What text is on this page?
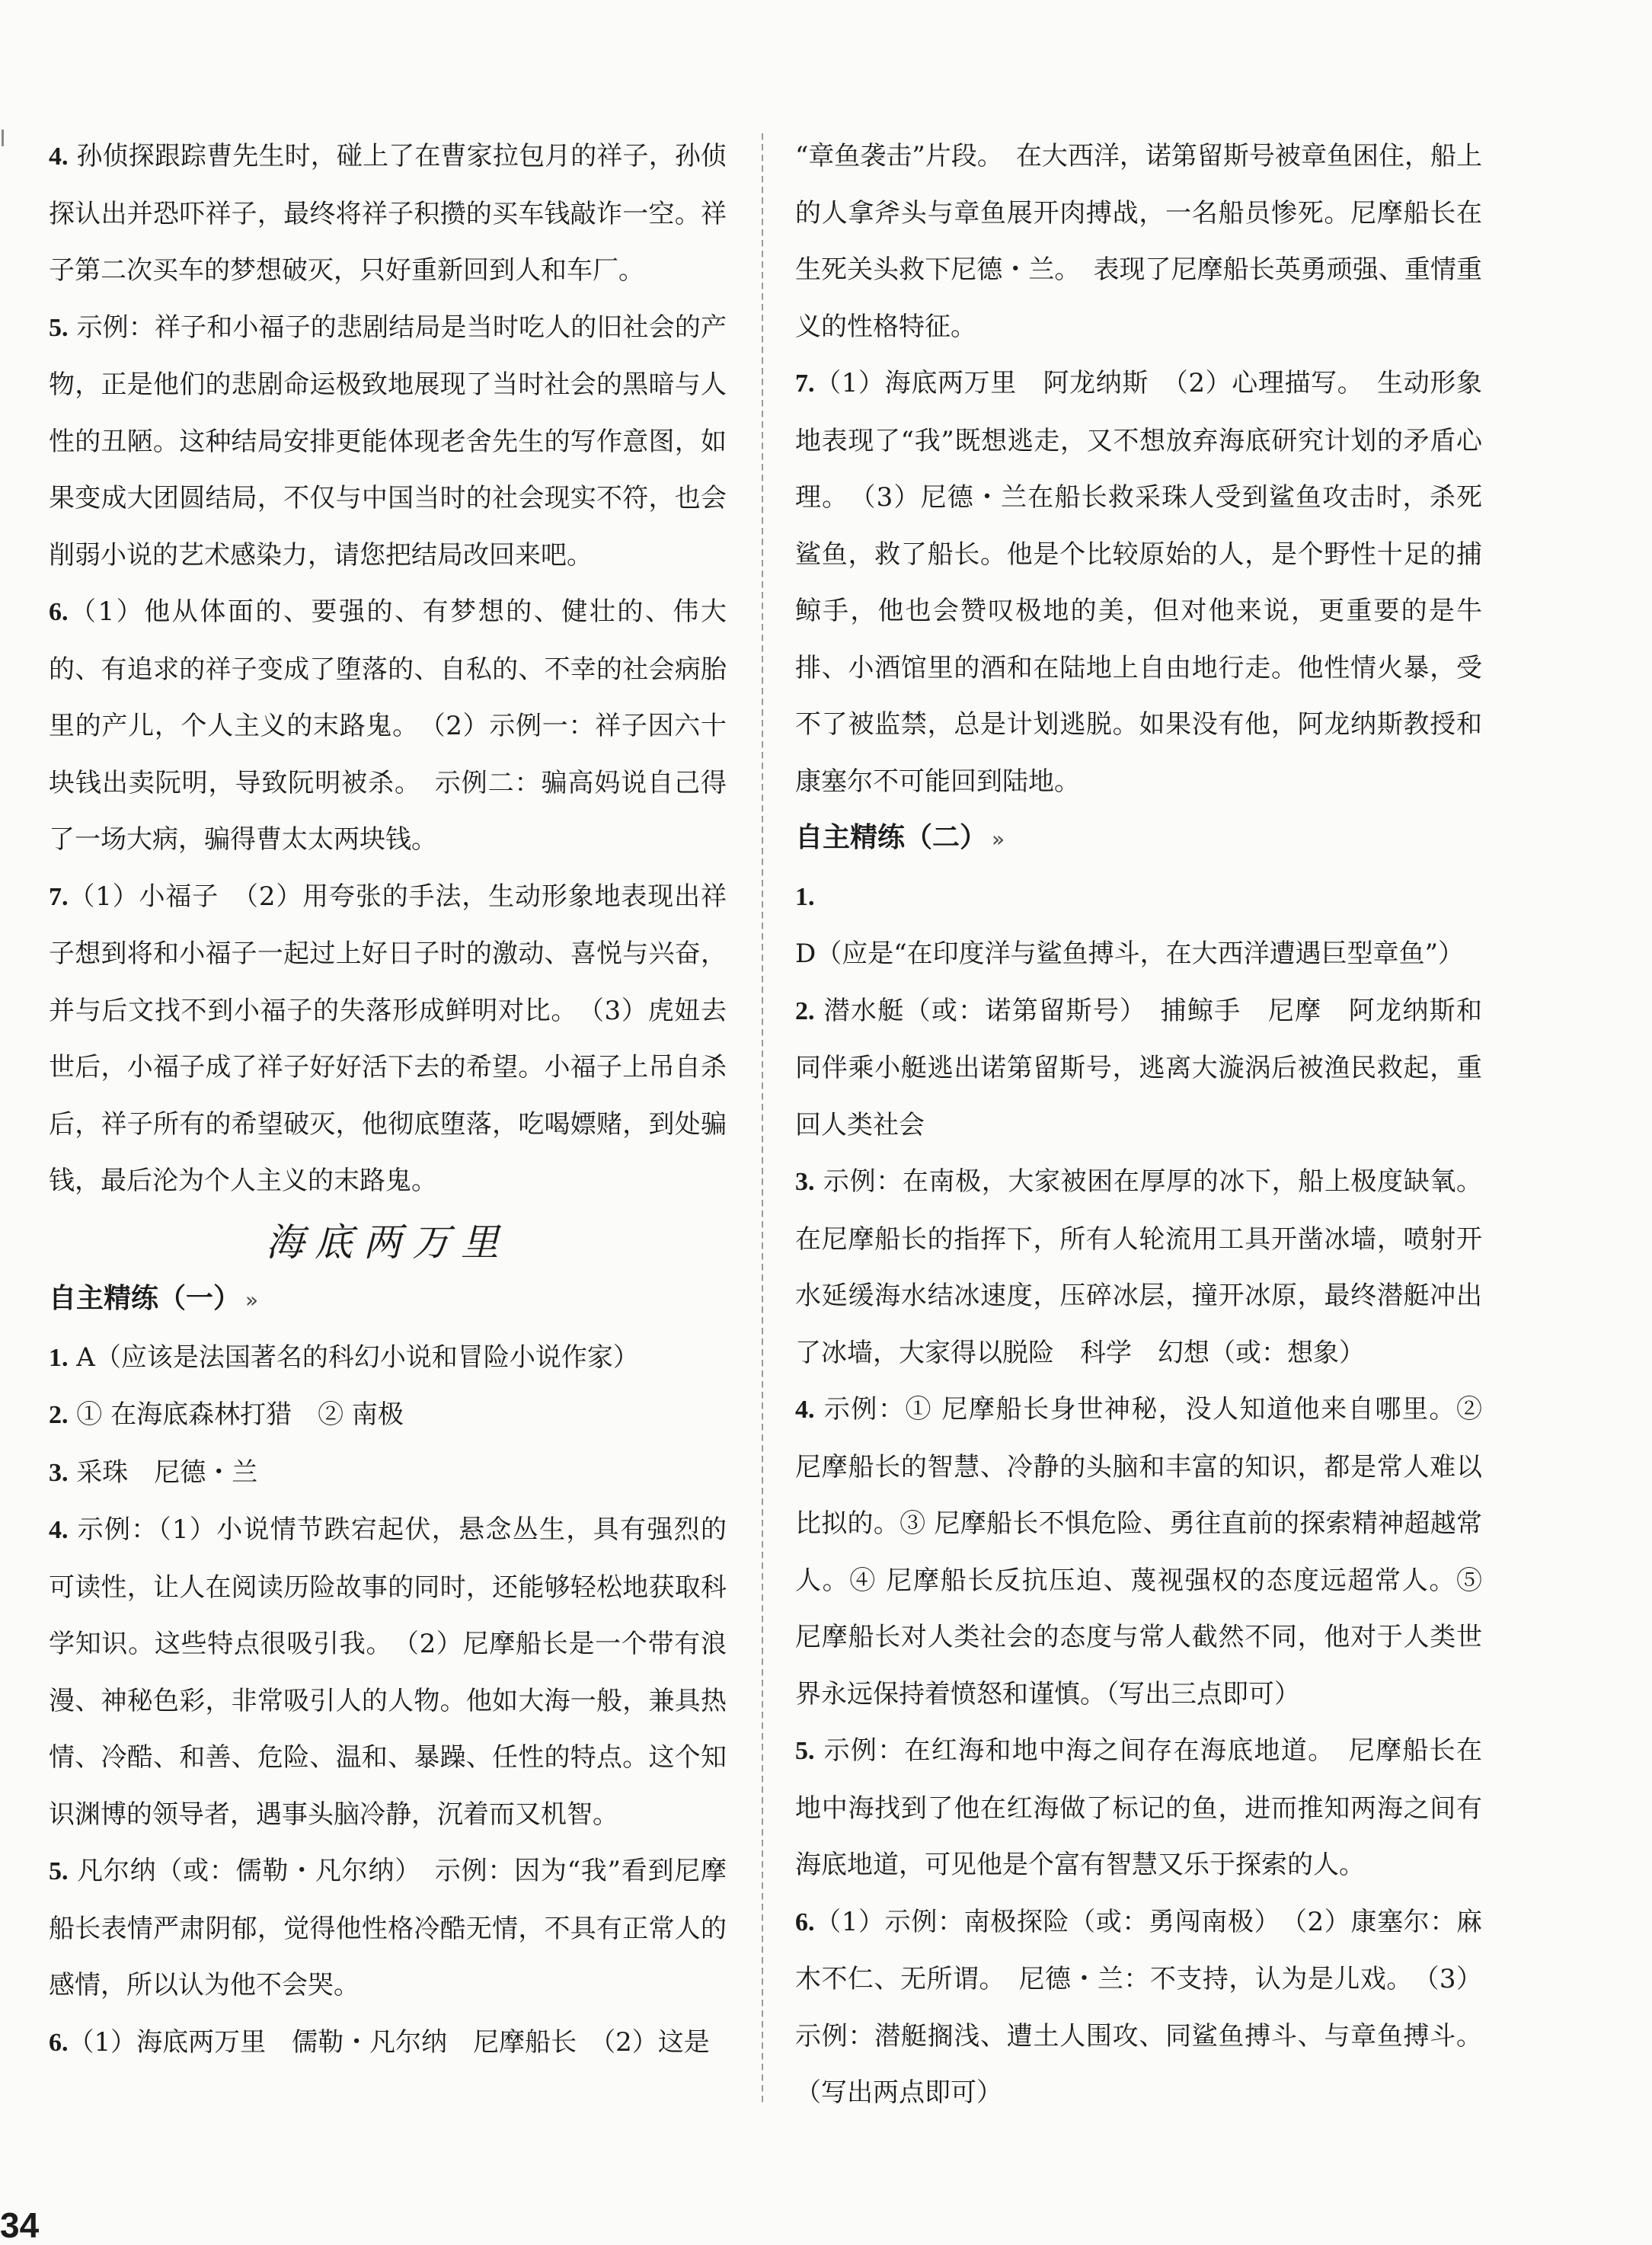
4. 孙侦探跟踪曹先生时，碰上了在曹家拉包月的祥子，孙侦探认出并恐吓祥子，最终将祥子积攒的买车钱敲诈一空。祥子第二次买车的梦想破灭，只好重新回到人和车厂。

5. 示例：祥子和小福子的悲剧结局是当时吃人的旧社会的产物，正是他们的悲剧命运极致地展现了当时社会的黑暗与人性的丑陋。这种结局安排更能体现老舍先生的写作意图，如果变成大团圆结局，不仅与中国当时的社会现实不符，也会削弱小说的艺术感染力，请您把结局改回来吧。

6.（1）他从体面的、要强的、有梦想的、健壮的、伟大的、有追求的祥子变成了堕落的、自私的、不幸的社会病胎里的产儿，个人主义的末路鬼。　（2）示例一：祥子因六十块钱出卖阮明，导致阮明被杀。　示例二：骗高妈说自己得了一场大病，骗得曹太太两块钱。

7.（1）小福子　（2）用夸张的手法，生动形象地表现出祥子想到将和小福子一起过上好日子时的激动、喜悦与兴奋，并与后文找不到小福子的失落形成鲜明对比。　（3）虎妞去世后，小福子成了祥子好好活下去的希望。小福子上吊自杀后，祥子所有的希望破灭，他彻底堕落，吃喝嫖赌，到处骗钱，最后沦为个人主义的末路鬼。

海底两万里

自主精练（一） »

1. A（应该是法国著名的科幻小说和冒险小说作家）

2. ① 在海底森林打猎　② 南极

3. 采珠　尼德・兰

4. 示例：（1）小说情节跌宕起伏，悬念丛生，具有强烈的可读性，让人在阅读历险故事的同时，还能够轻松地获取科学知识。这些特点很吸引我。　（2）尼摩船长是一个带有浪漫、神秘色彩，非常吸引人的人物。他如大海一般，兼具热情、冷酷、和善、危险、温和、暴躁、任性的特点。这个知识渊博的领导者，遇事头脑冷静，沉着而又机智。

5. 凡尔纳（或：儒勒・凡尔纳）　示例：因为“我”看到尼摩船长表情严肃阴郁，觉得他性格冷酷无情，不具有正常人的感情，所以认为他不会哭。

6.（1）海底两万里　儒勒・凡尔纳　尼摩船长　（2）这是

“章鱼袭击”片段。　在大西洋，诺第留斯号被章鱼困住，船上的人拿斧头与章鱼展开肉搏战，一名船员惨死。尼摩船长在生死关头救下尼德・兰。　表现了尼摩船长英勇顽强、重情重义的性格特征。

7.（1）海底两万里　阿龙纳斯　（2）心理描写。　生动形象地表现了“我”既想逃走，又不想放弃海底研究计划的矛盾心理。　（3）尼德・兰在船长救采珠人受到鲨鱼攻击时，杀死鲨鱼，救了船长。他是个比较原始的人，是个野性十足的捕鲸手，他也会赞叹极地的美，但对他来说，更重要的是牛排、小酒馆里的酒和在陆地上自由地行走。他性情火暴，受不了被监禁，总是计划逃脱。如果没有他，阿龙纳斯教授和康塞尔不可能回到陆地。

自主精练（二） »

1. D（应是“在印度洋与鲨鱼搏斗，在大西洋遭遇巨型章鱼”）

2. 潜水艇（或：诺第留斯号）　捕鲸手　尼摩　阿龙纳斯和同伴乘小艇逃出诺第留斯号，逃离大漩涡后被渔民救起，重回人类社会

3. 示例：在南极，大家被困在厚厚的冰下，船上极度缺氧。在尼摩船长的指挥下，所有人轮流用工具开凿冰墙，喷射开水延缓海水结冰速度，压碎冰层，撞开冰原，最终潜艇冲出了冰墙，大家得以脱险　科学　幻想（或：想象）

4. 示例：① 尼摩船长身世神秘，没人知道他来自哪里。② 尼摩船长的智慧、冷静的头脑和丰富的知识，都是常人难以比拟的。③ 尼摩船长不惧危险、勇往直前的探索精神超越常人。④ 尼摩船长反抗压迫、蔑视强权的态度远超常人。⑤ 尼摩船长对人类社会的态度与常人截然不同，他对于人类世界永远保持着愤怒和谨慎。（写出三点即可）

5. 示例：在红海和地中海之间存在海底地道。　尼摩船长在地中海找到了他在红海做了标记的鱼，进而推知两海之间有海底地道，可见他是个富有智慧又乐于探索的人。

6.（1）示例：南极探险（或：勇闯南极）　（2）康塞尔：麻木不仁、无所谓。　尼德・兰：不支持，认为是儿戏。　（3）示例：潜艇搁浅、遭土人围攻、同鲨鱼搏斗、与章鱼搏斗。（写出两点即可）

34
